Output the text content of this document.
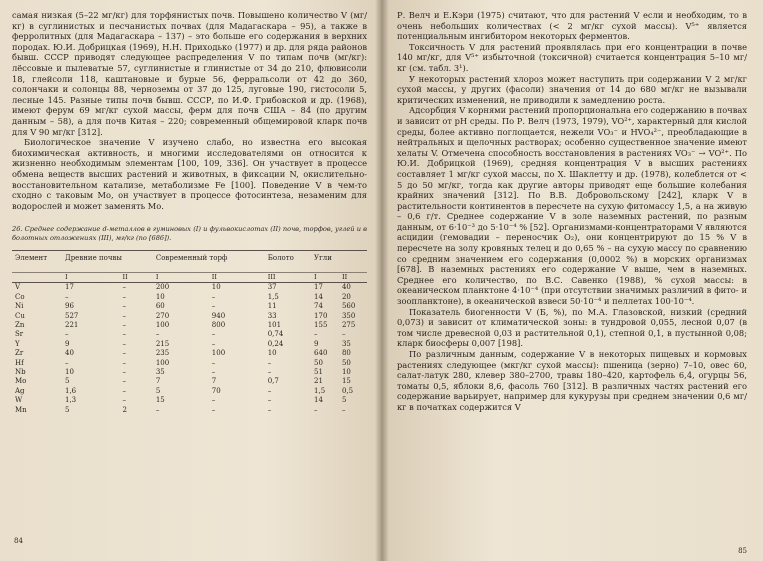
самая низкая (5–22 мг/кг) для торфянистых почв. Повышено количество V (мг/кг) в суглинистых и песчанистых почвах (для Мадагаскара – 95), а также в ферролитных (для Мадагаскара – 137) – это больше его содержания в верхних породах. Ю.И. Добрицкая (1969), Н.Н. Приходько (1977) и др. для ряда районов бывш. СССР приводят следующее распределения V по типам почв (мг/кг): лёссовые и пылеватые 57, суглинистые и глинистые от 34 до 210, флювисоли 18, глейсоли 118, каштановые и бурые 56, ферральсоли от 42 до 360, солончаки и солонцы 88, черноземы от 37 до 125, луговые 190, гистосоли 5, лесные 145. Разные типы почв бывш. СССР, по И.Ф. Грибовской и др. (1968), имеют ферум 69 мг/кг сухой массы, ферм для почв США – 84 (по другим данным – 58), а для почв Китая – 220; современный общемировой кларк почв для V 90 мг/кг [312].

Биологическое значение V изучено слабо, но известна его высокая биохимическая активность, и многими исследователями он относится к жизненно необходимым элементам [100, 109, 336]. Он участвует в процессе обмена веществ высших растений и животных, в фиксации N, окислительно-восстановительном катализе, метаболизме Fe [100]. Поведение V в чем-то сходно с таковым Мо, он участвует в процессе фотосинтеза, незаменим для водорослей и может заменять Мо.

26. Среднее содержание d-металлов в гуминовых (I) и фульвокислотах (II) почв, торфов, углей и в болотных отложениях (III), мг/кг (по [686]).

Элемент	Древние почвы		Современный торф		Болото	Угли	
	I	II	I	II	III	I	II
V	17	–	200	10	37	17	40
Co	–	–	10	–	1,5	14	20
Ni	96	–	60	–	11	74	560
Cu	527	–	270	940	33	170	350
Zn	221	–	100	800	101	155	275
Sr	–	–	–	–	0,74	–	–
Y	9	–	215	–	0,24	9	35
Zr	40	–	235	100	10	640	80
Hf	–	–	100	–	–	50	50
Nb	10	–	35	–	–	51	10
Mo	5	–	7	7	0,7	21	15
Ag	1,6	–	5	70	–	1,5	0,5
W	1,3	–	15	–	–	14	5
Mn	5	2	–	–	–	–	–
84

Р. Велч и Е.Кэри (1975) считают, что для растений V если и необходим, то в очень небольших количествах (< 2 мг/кг сухой массы). V⁵⁺ является потенциальным ингибитором некоторых ферментов.

Токсичность V для растений проявлялась при его концентрации в почве 140 мг/кг, для V⁵⁺ избыточной (токсичной) считается концентрация 5–10 мг/кг (см. табл. 3¹).

У некоторых растений хлороз может наступить при содержании V 2 мг/кг сухой массы, у других (фасоли) значения от 14 до 680 мг/кг не вызывали критических изменений, не приводили к замедлению роста.

Адсорбция V корнями растений пропорциональна его содержанию в почвах и зависит от pH среды. По Р. Велч (1973, 1979), VO²⁺, характерный для кислой среды, более активно поглощается, нежели VO₃⁻ и HVO₄²⁻, преобладающие в нейтральных и щелочных растворах; особенно существенное значение имеют хелаты V. Отмечена способность восстановления в растениях VO₃⁻ → VO²⁺. По Ю.И. Добрицкой (1969), средняя концентрация V в высших растениях составляет 1 мг/кг сухой массы, по Х. Шаклетту и др. (1978), колеблется от < 5 до 50 мг/кг, тогда как другие авторы приводят еще большие колебания крайних значений [312]. По В.В. Добровольскому [242], кларк V в растительности континентов в пересчете на сухую фитомассу 1,5, а на живую – 0,6 г/т. Среднее содержание V в золе наземных растений, по разным данным, от 6·10⁻³ до 5·10⁻⁴ % [52]. Организмами-концентраторами V являются асцидии (гемовадии – переносчик O₂), они концентрируют до 15 % V в пересчете на золу кровяных телец и до 0,65 % – на сухую массу по сравнению со средним значением его содержания (0,0002 %) в морских организмах [678]. В наземных растениях его содержание V выше, чем в наземных. Среднее его количество, по В.С. Савенко (1988), % сухой массы: в океаническом планктоне 4·10⁻⁴ (при отсутствии значимых различий в фито- и зоопланктоне), в океанической взвеси 50·10⁻⁴ и пеллетах 100·10⁻⁴.

Показатель биогенности V (Б, %), по М.А. Глазовской, низкий (средний 0,073) и зависит от климатической зоны: в тундровой 0,055, лесной 0,07 (в том числе древесной 0,03 и растительной 0,1), степной 0,1, в пустынной 0,08; кларк биосферы 0,007 [198].

По различным данным, содержание V в некоторых пищевых и кормовых растениях следующее (мкг/кг сухой массы): пшеница (зерно) 7–10, овес 60, салат-латук 280, клевер 380–2700, травы 180–420, картофель 6,4, огурцы 56, томаты 0,5, яблоки 8,6, фасоль 760 [312]. В различных частях растений его содержание варьирует, например для кукурузы при среднем значении 0,6 мг/кг в початках содержится V

85
